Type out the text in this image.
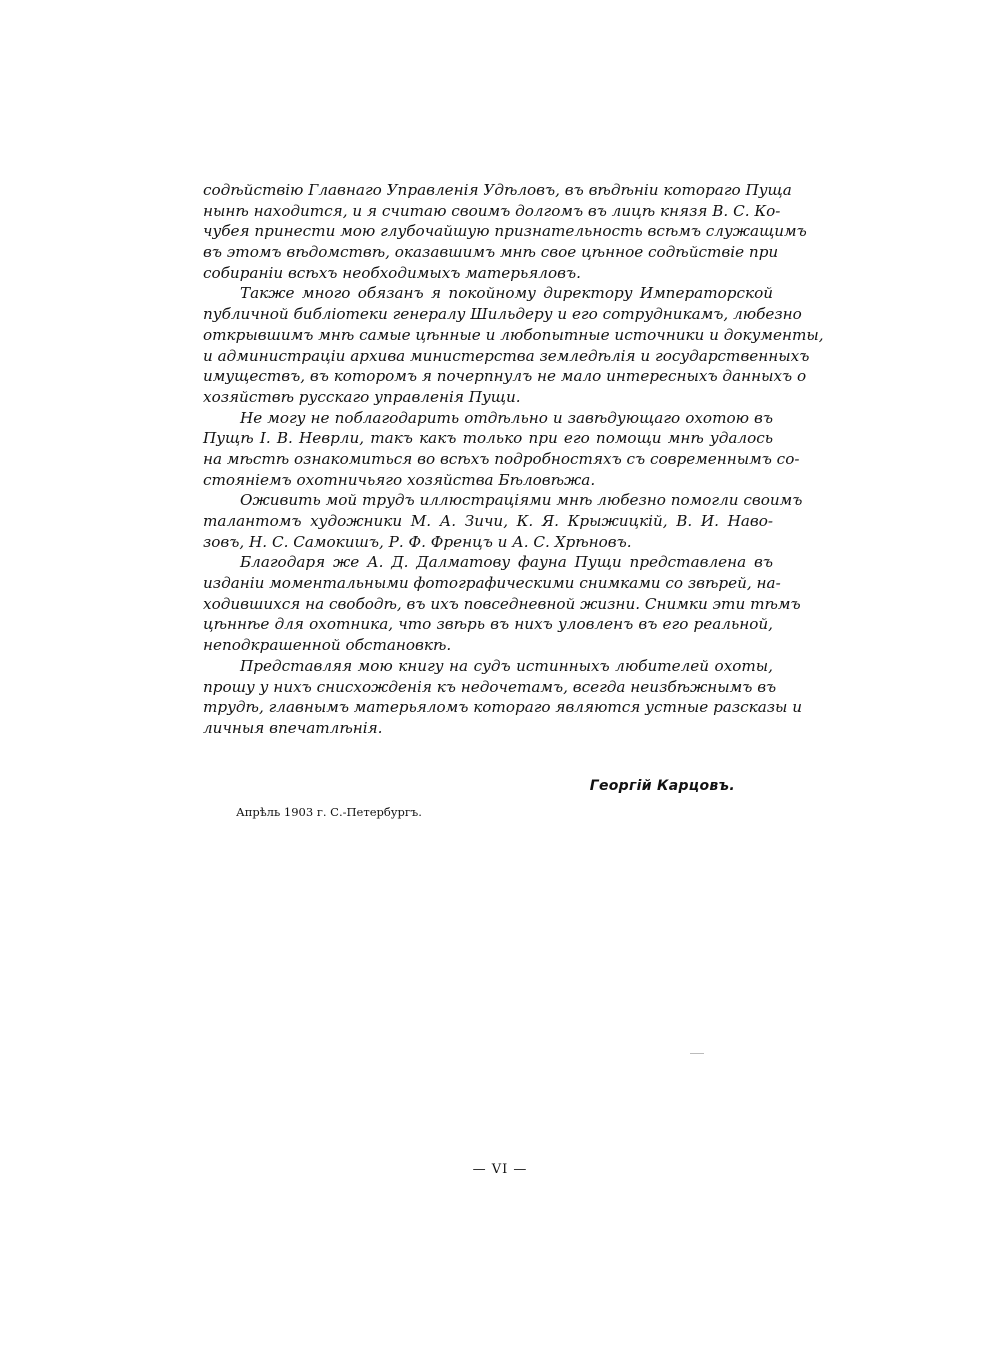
содѣйствію Главнаго Управленія Удѣловъ, въ вѣдѣніи котораго Пуща
нынѣ находится, и я считаю своимъ долгомъ въ лицѣ князя В. С. Ко-
чубея принести мою глубочайшую признательность всѣмъ служащимъ
въ этомъ вѣдомствѣ, оказавшимъ мнѣ свое цѣнное содѣйствіе при
собираніи всѣхъ необходимыхъ матерьяловъ.
Также много обязанъ я покойному директору Императорской
публичной библіотеки генералу Шильдеру и его сотрудникамъ, любезно
открывшимъ мнѣ самые цѣнные и любопытные источники и документы,
и администраціи архива министерства земледѣлія и государственныхъ
имуществъ, въ которомъ я почерпнулъ не мало интересныхъ данныхъ о
хозяйствѣ русскаго управленія Пущи.
Не могу не поблагодарить отдѣльно и завѣдующаго охотою въ
Пущѣ I. В. Неврли, такъ какъ только при его помощи мнѣ удалось
на мѣстѣ ознакомиться во всѣхъ подробностяхъ съ современнымъ со-
стояніемъ охотничьяго хозяйства Бѣловѣжа.
Оживить мой трудъ иллюстраціями мнѣ любезно помогли своимъ
талантомъ художники М. А. Зичи, К. Я. Крыжицкій, В. И. Наво-
зовъ, Н. С. Самокишъ, Р. Ф. Френцъ и А. С. Хрѣновъ.
Благодаря же А. Д. Далматову фауна Пущи представлена въ
изданіи моментальными фотографическими снимками со звѣрей, на-
ходившихся на свободѣ, въ ихъ повседневной жизни. Снимки эти тѣмъ
цѣннѣе для охотника, что звѣрь въ нихъ уловленъ въ его реальной,
неподкрашенной обстановкѣ.
Представляя мою книгу на судъ истинныхъ любителей охоты,
прошу у нихъ снисхожденія къ недочетамъ, всегда неизбѣжнымъ въ
трудѣ, главнымъ матерьяломъ котораго являются устные разсказы и
личныя впечатлѣнія.
Георгій Карцовъ.
Апрѣль 1903 г. С.-Петербургъ.
— VI —
